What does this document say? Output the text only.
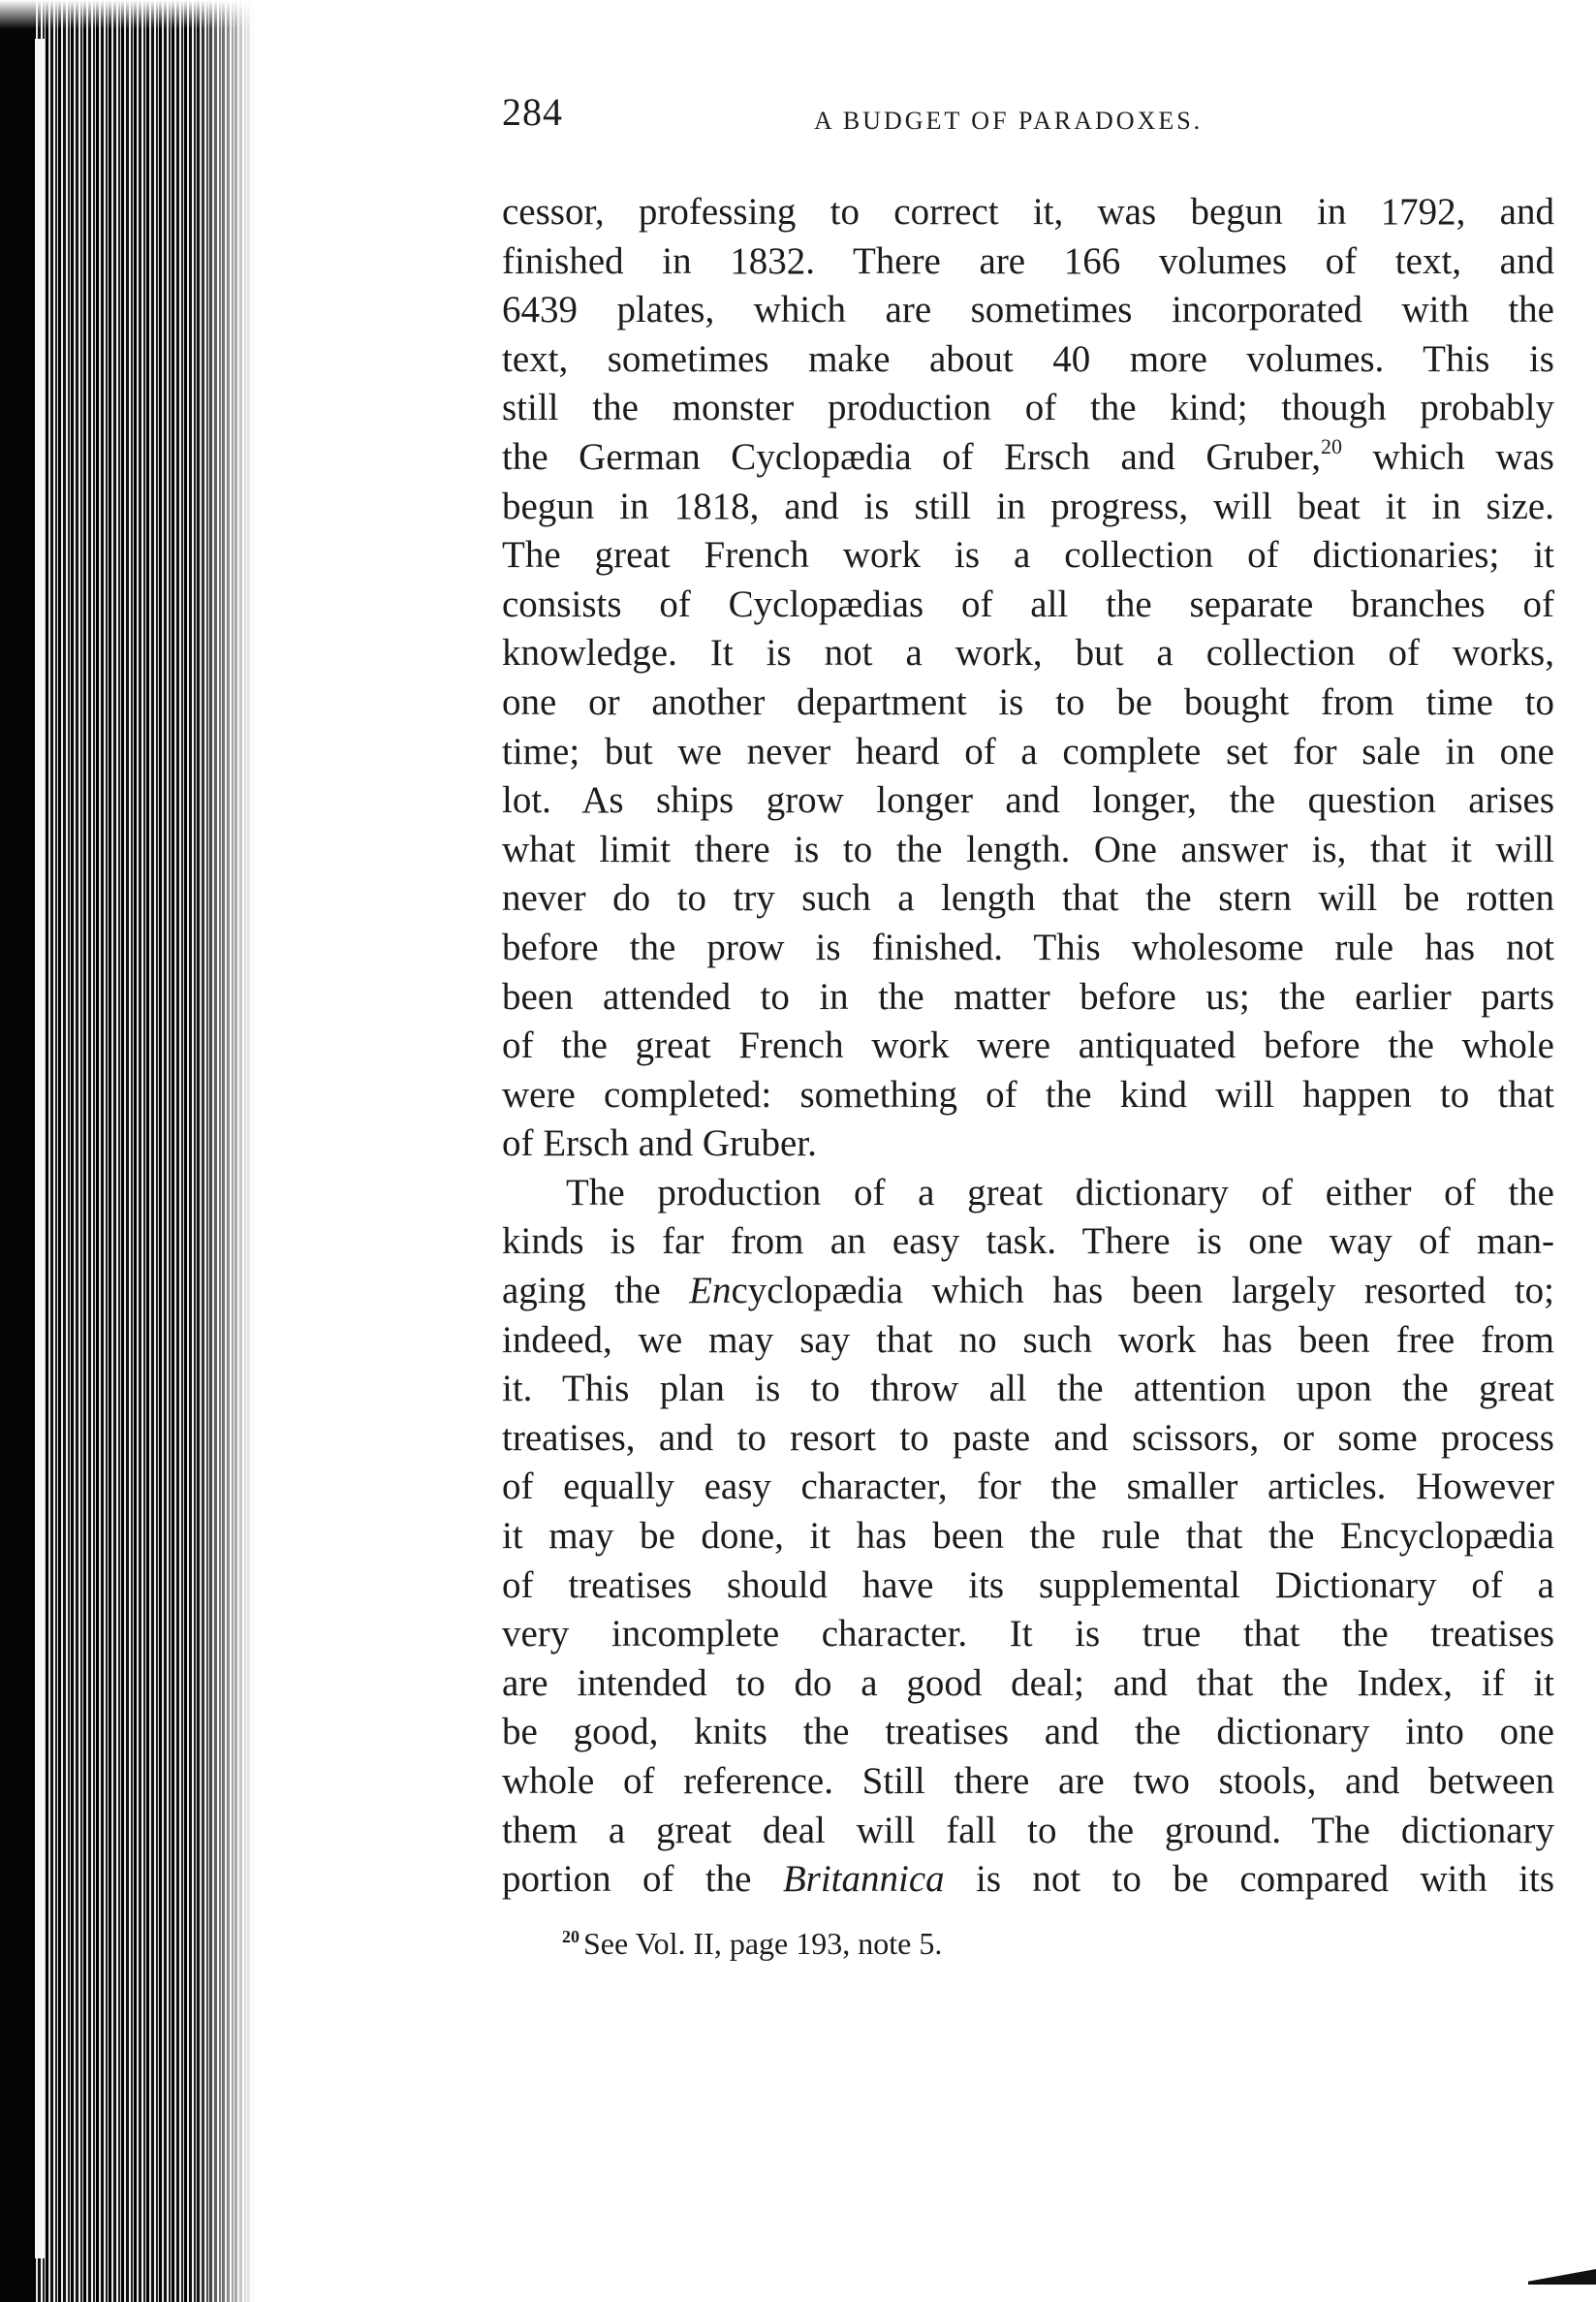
284	A BUDGET OF PARADOXES.
cessor, professing to correct it, was begun in 1792, and
finished in 1832. There are 166 volumes of text, and
6439 plates, which are sometimes incorporated with the
text, sometimes make about 40 more volumes. This is
still the monster production of the kind; though probably
the German Cyclopædia of Ersch and Gruber,$^{20}$ which was
begun in 1818, and is still in progress, will beat it in size.
The great French work is a collection of dictionaries; it
consists of Cyclopædias of all the separate branches of
knowledge. It is not a work, but a collection of works,
one or another department is to be bought from time to
time; but we never heard of a complete set for sale in one
lot. As ships grow longer and longer, the question arises
what limit there is to the length. One answer is, that it will
never do to try such a length that the stern will be rotten
before the prow is finished. This wholesome rule has not
been attended to in the matter before us; the earlier parts
of the great French work were antiquated before the whole
were completed: something of the kind will happen to that
of Ersch and Gruber.
The production of a great dictionary of either of the
kinds is far from an easy task. There is one way of man-
aging the Encyclopædia which has been largely resorted to;
indeed, we may say that no such work has been free from
it. This plan is to throw all the attention upon the great
treatises, and to resort to paste and scissors, or some process
of equally easy character, for the smaller articles. However
it may be done, it has been the rule that the Encyclopædia
of treatises should have its supplemental Dictionary of a
very incomplete character. It is true that the treatises
are intended to do a good deal; and that the Index, if it
be good, knits the treatises and the dictionary into one
whole of reference. Still there are two stools, and between
them a great deal will fall to the ground. The dictionary
portion of the Britannica is not to be compared with its
$^{20}$ See Vol. II, page 193, note 5.
